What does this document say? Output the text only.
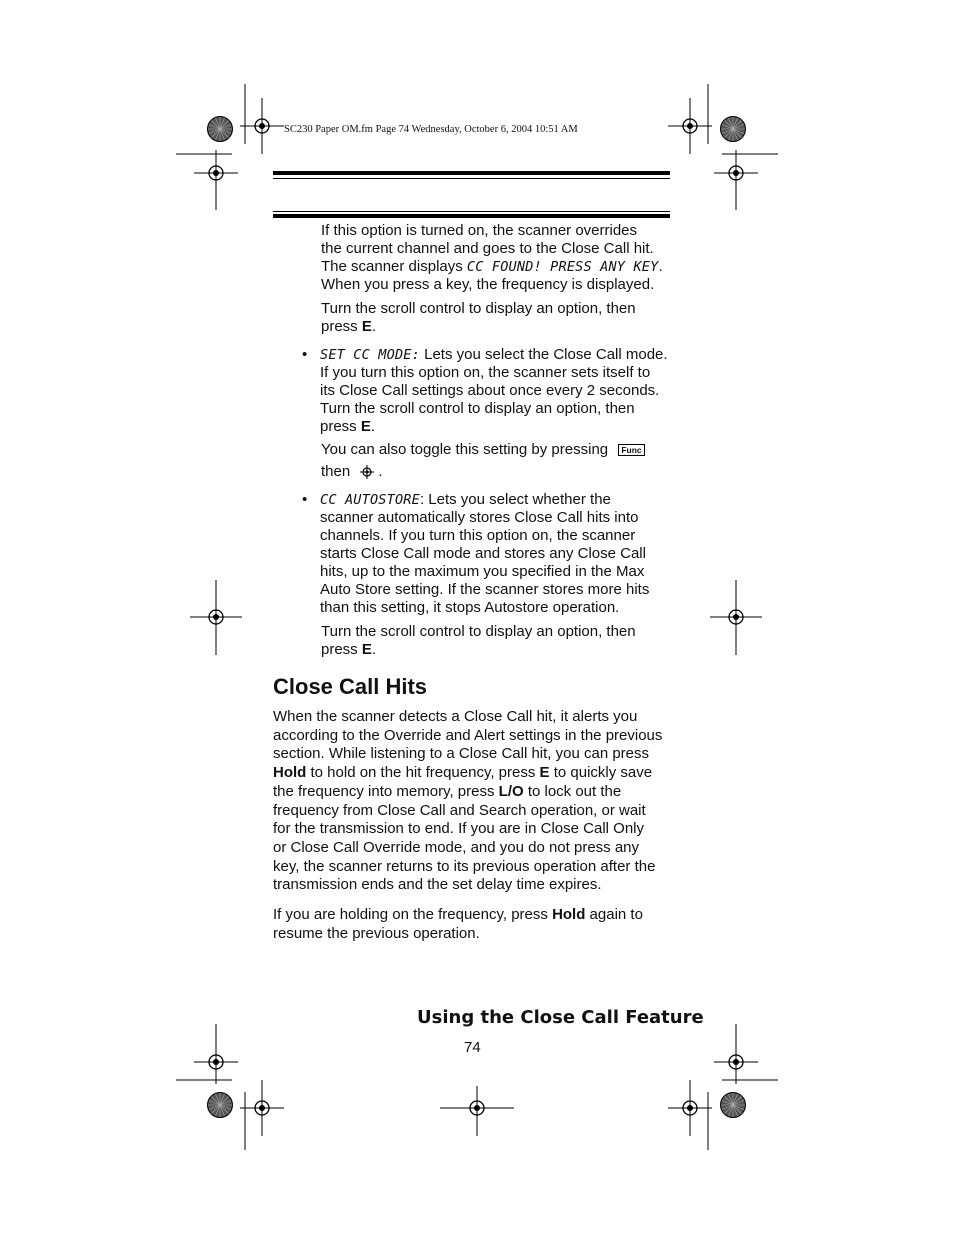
SC230 Paper OM.fm Page 74 Wednesday, October 6, 2004 10:51 AM
If this option is turned on, the scanner overrides
the current channel and goes to the Close Call hit.
The scanner displays CC FOUND! PRESS ANY KEY.
When you press a key, the frequency is displayed.
Turn the scroll control to display an option, then
press E.
• SET CC MODE: Lets you select the Close Call mode.
If you turn this option on, the scanner sets itself to
its Close Call settings about once every 2 seconds.
Turn the scroll control to display an option, then
press E.
You can also toggle this setting by pressing Func
then .
• CC AUTOSTORE: Lets you select whether the
scanner automatically stores Close Call hits into
channels. If you turn this option on, the scanner
starts Close Call mode and stores any Close Call
hits, up to the maximum you specified in the Max
Auto Store setting. If the scanner stores more hits
than this setting, it stops Autostore operation.
Turn the scroll control to display an option, then
press E.
Close Call Hits
When the scanner detects a Close Call hit, it alerts you
according to the Override and Alert settings in the previous
section. While listening to a Close Call hit, you can press
Hold to hold on the hit frequency, press E to quickly save
the frequency into memory, press L/O to lock out the
frequency from Close Call and Search operation, or wait
for the transmission to end. If you are in Close Call Only
or Close Call Override mode, and you do not press any
key, the scanner returns to its previous operation after the
transmission ends and the set delay time expires.
If you are holding on the frequency, press Hold again to
resume the previous operation.
Using the Close Call Feature
74
